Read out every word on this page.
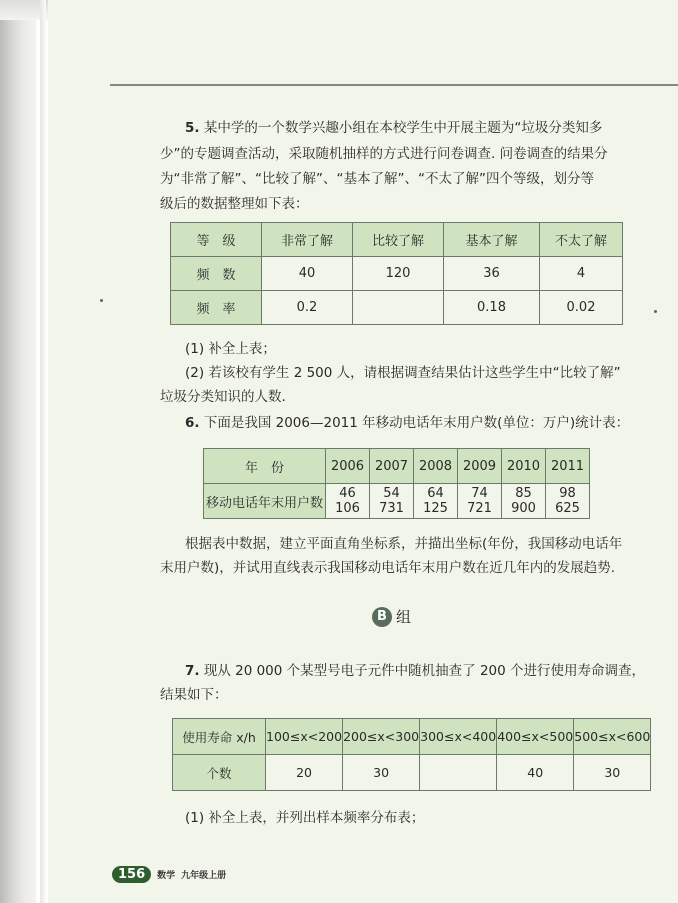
5. 某中学的一个数学兴趣小组在本校学生中开展主题为“垃圾分类知多
少”的专题调查活动，采取随机抽样的方式进行问卷调查. 问卷调查的结果分
为“非常了解”、“比较了解”、“基本了解”、“不太了解”四个等级，划分等
级后的数据整理如下表：
等　级	非常了解	比较了解	基本了解	不太了解
频　数	40	120	36	4
频　率	0.2		0.18	0.02
(1) 补全上表；
(2) 若该校有学生 2 500 人，请根据调查结果估计这些学生中“比较了解”
垃圾分类知识的人数.
6. 下面是我国 2006—2011 年移动电话年末用户数(单位：万户)统计表：
年　份	2006	2007	2008	2009	2010	2011
移动电话年末用户数	46 106	54 731	64 125	74 721	85 900	98 625
根据表中数据，建立平面直角坐标系，并描出坐标(年份，我国移动电话年
末用户数)，并试用直线表示我国移动电话年末用户数在近几年内的发展趋势.
B 组
7. 现从 20 000 个某型号电子元件中随机抽查了 200 个进行使用寿命调查，
结果如下：
使用寿命 x/h	100≤x<200	200≤x<300	300≤x<400	400≤x<500	500≤x<600
个数	20	30		40	30
(1) 补全上表，并列出样本频率分布表；
156	数学 九年级上册
